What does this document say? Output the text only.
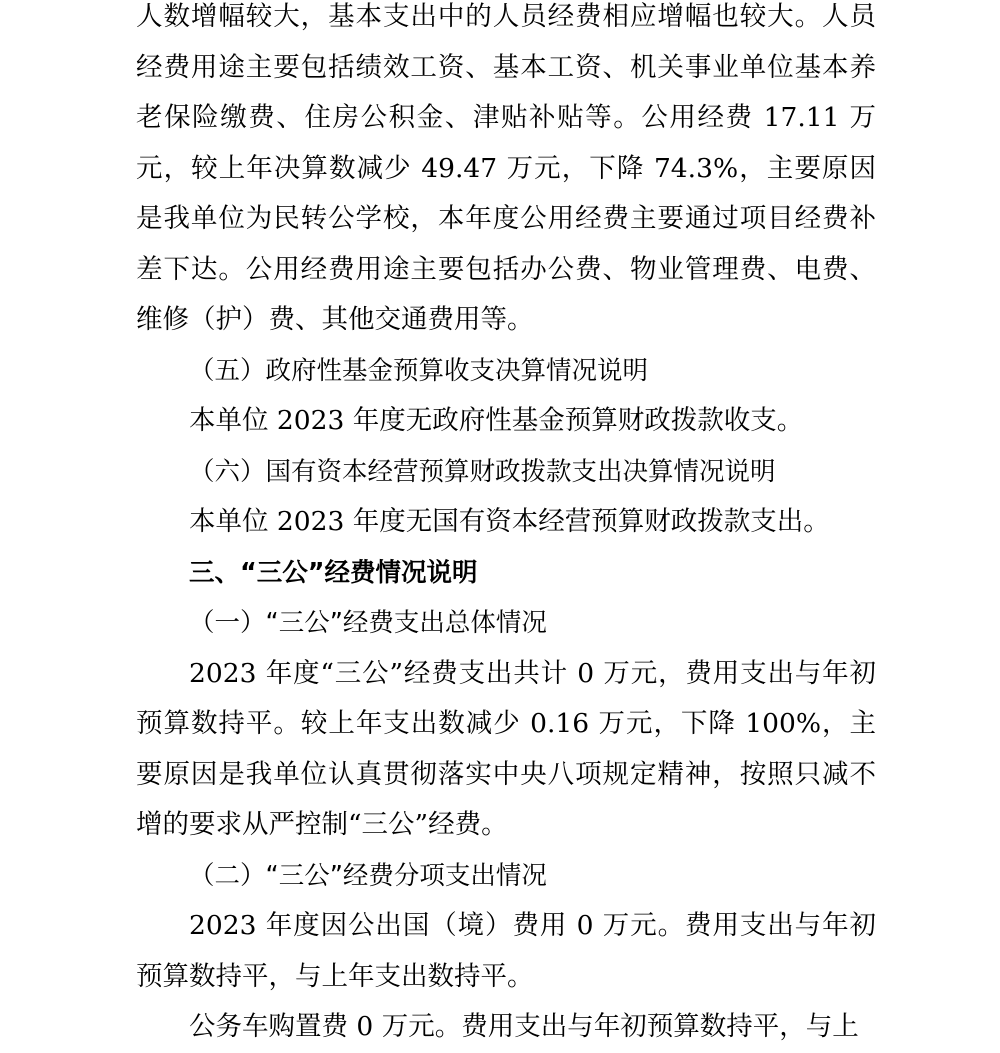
人数增幅较大，基本支出中的人员经费相应增幅也较大。人员经费用途主要包括绩效工资、基本工资、机关事业单位基本养老保险缴费、住房公积金、津贴补贴等。公用经费 17.11 万元，较上年决算数减少 49.47 万元，下降 74.3%，主要原因是我单位为民转公学校，本年度公用经费主要通过项目经费补差下达。公用经费用途主要包括办公费、物业管理费、电费、维修（护）费、其他交通费用等。

（五）政府性基金预算收支决算情况说明

本单位 2023 年度无政府性基金预算财政拨款收支。

（六）国有资本经营预算财政拨款支出决算情况说明

本单位 2023 年度无国有资本经营预算财政拨款支出。

三、“三公”经费情况说明

（一）“三公”经费支出总体情况

2023 年度“三公”经费支出共计 0 万元，费用支出与年初预算数持平。较上年支出数减少 0.16 万元，下降 100%，主要原因是我单位认真贯彻落实中央八项规定精神，按照只减不增的要求从严控制“三公”经费。

（二）“三公”经费分项支出情况

2023 年度因公出国（境）费用 0 万元。费用支出与年初预算数持平，与上年支出数持平。

公务车购置费 0 万元。费用支出与年初预算数持平，与上
